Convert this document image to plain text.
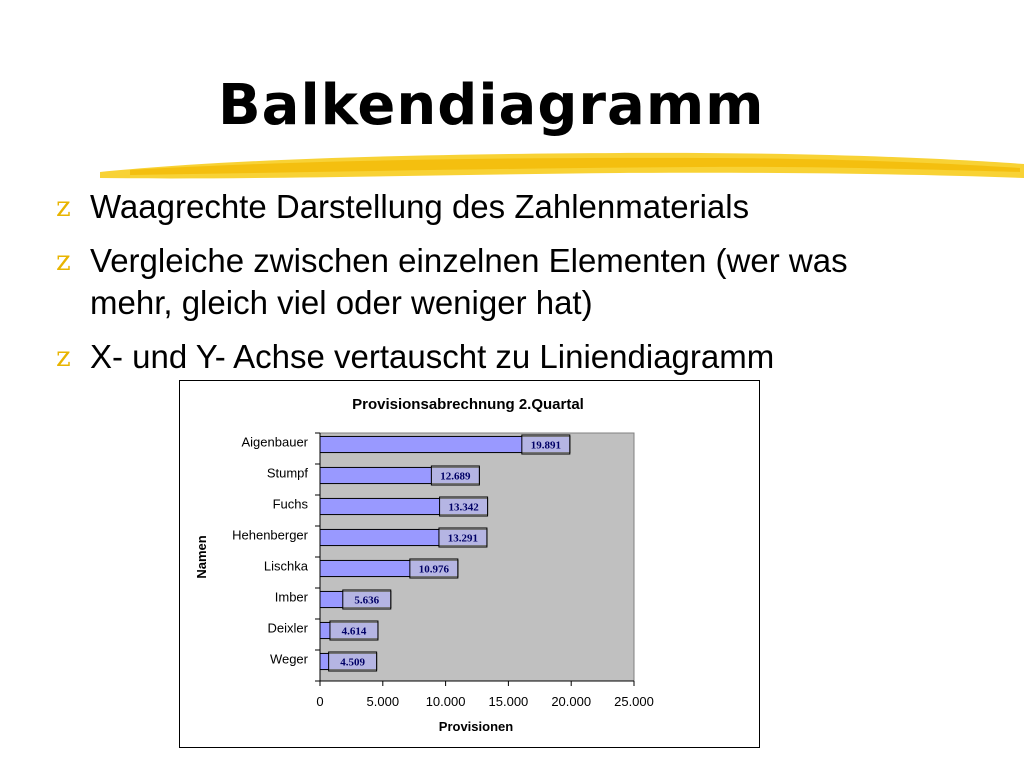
Balkendiagramm
z Waagrechte Darstellung des Zahlenmaterials
z Vergleiche zwischen einzelnen Elementen (wer was mehr, gleich viel oder weniger hat)
z X- und Y- Achse vertauscht zu Liniendiagramm
Provisionsabrechnung 2.Quartal
Provisionen
Namen
0	5.000 10.000 15.000 20.000 25.000
Aigenbauer	19.891
Stumpf	12.689
Fuchs	13.342
Hehenberger	13.291
Lischka	10.976
Imber	5.636
Deixler	4.614
Weger	4.509
